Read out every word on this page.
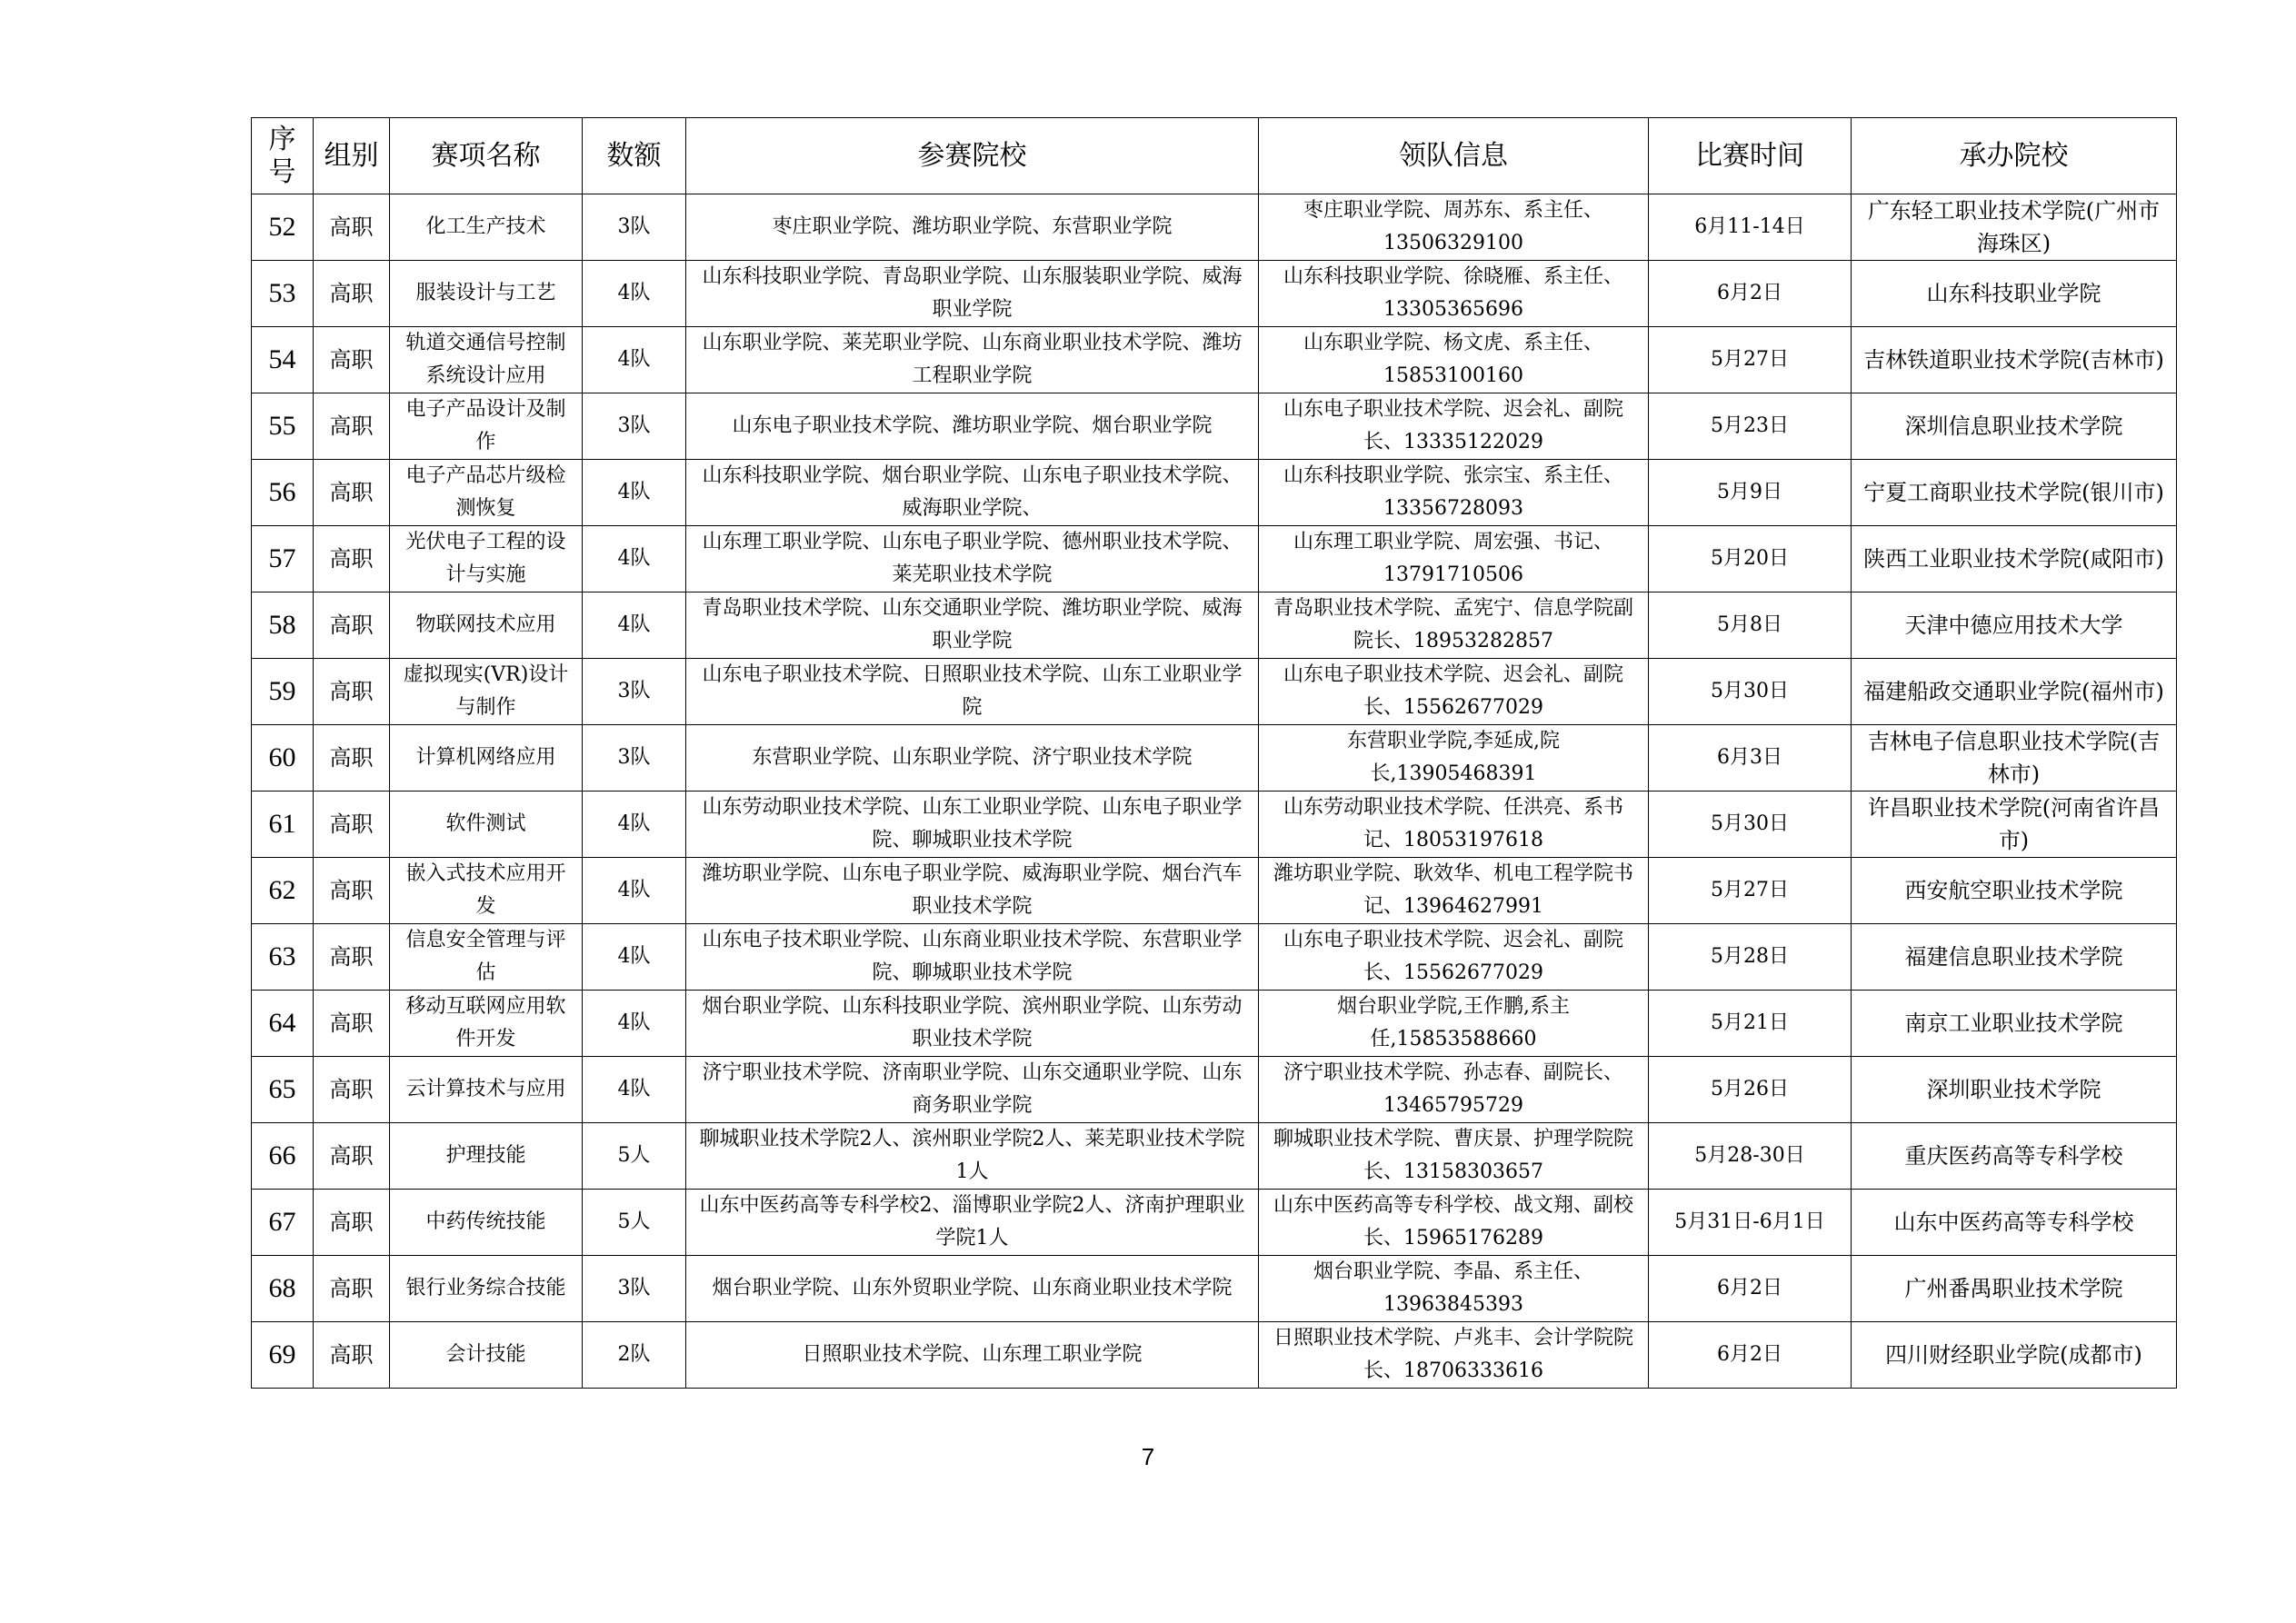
序号	组别	赛项名称	数额	参赛院校	领队信息	比赛时间	承办院校
52	高职	化工生产技术	3队	枣庄职业学院、潍坊职业学院、东营职业学院	枣庄职业学院、周苏东、系主任、13506329100	6月11-14日	广东轻工职业技术学院(广州市海珠区)
53	高职	服装设计与工艺	4队	山东科技职业学院、青岛职业学院、山东服装职业学院、威海职业学院	山东科技职业学院、徐晓雁、系主任、13305365696	6月2日	山东科技职业学院
54	高职	轨道交通信号控制系统设计应用	4队	山东职业学院、莱芜职业学院、山东商业职业技术学院、潍坊工程职业学院	山东职业学院、杨文虎、系主任、15853100160	5月27日	吉林铁道职业技术学院(吉林市)
55	高职	电子产品设计及制作	3队	山东电子职业技术学院、潍坊职业学院、烟台职业学院	山东电子职业技术学院、迟会礼、副院长、13335122029	5月23日	深圳信息职业技术学院
56	高职	电子产品芯片级检测恢复	4队	山东科技职业学院、烟台职业学院、山东电子职业技术学院、威海职业学院、	山东科技职业学院、张宗宝、系主任、13356728093	5月9日	宁夏工商职业技术学院(银川市)
57	高职	光伏电子工程的设计与实施	4队	山东理工职业学院、山东电子职业学院、德州职业技术学院、莱芜职业技术学院	山东理工职业学院、周宏强、书记、13791710506	5月20日	陕西工业职业技术学院(咸阳市)
58	高职	物联网技术应用	4队	青岛职业技术学院、山东交通职业学院、潍坊职业学院、威海职业学院	青岛职业技术学院、孟宪宁、信息学院副院长、18953282857	5月8日	天津中德应用技术大学
59	高职	虚拟现实(VR)设计与制作	3队	山东电子职业技术学院、日照职业技术学院、山东工业职业学院	山东电子职业技术学院、迟会礼、副院长、15562677029	5月30日	福建船政交通职业学院(福州市)
60	高职	计算机网络应用	3队	东营职业学院、山东职业学院、济宁职业技术学院	东营职业学院,李延成,院长,13905468391	6月3日	吉林电子信息职业技术学院(吉林市)
61	高职	软件测试	4队	山东劳动职业技术学院、山东工业职业学院、山东电子职业学院、聊城职业技术学院	山东劳动职业技术学院、任洪亮、系书记、18053197618	5月30日	许昌职业技术学院(河南省许昌市)
62	高职	嵌入式技术应用开发	4队	潍坊职业学院、山东电子职业学院、威海职业学院、烟台汽车职业技术学院	潍坊职业学院、耿效华、机电工程学院书记、13964627991	5月27日	西安航空职业技术学院
63	高职	信息安全管理与评估	4队	山东电子技术职业学院、山东商业职业技术学院、东营职业学院、聊城职业技术学院	山东电子职业技术学院、迟会礼、副院长、15562677029	5月28日	福建信息职业技术学院
64	高职	移动互联网应用软件开发	4队	烟台职业学院、山东科技职业学院、滨州职业学院、山东劳动职业技术学院	烟台职业学院,王作鹏,系主任,15853588660	5月21日	南京工业职业技术学院
65	高职	云计算技术与应用	4队	济宁职业技术学院、济南职业学院、山东交通职业学院、山东商务职业学院	济宁职业技术学院、孙志春、副院长、13465795729	5月26日	深圳职业技术学院
66	高职	护理技能	5人	聊城职业技术学院2人、滨州职业学院2人、莱芜职业技术学院1人	聊城职业技术学院、曹庆景、护理学院院长、13158303657	5月28-30日	重庆医药高等专科学校
67	高职	中药传统技能	5人	山东中医药高等专科学校2、淄博职业学院2人、济南护理职业学院1人	山东中医药高等专科学校、战文翔、副校长、15965176289	5月31日-6月1日	山东中医药高等专科学校
68	高职	银行业务综合技能	3队	烟台职业学院、山东外贸职业学院、山东商业职业技术学院	烟台职业学院、李晶、系主任、13963845393	6月2日	广州番禺职业技术学院
69	高职	会计技能	2队	日照职业技术学院、山东理工职业学院	日照职业技术学院、卢兆丰、会计学院院长、18706333616	6月2日	四川财经职业学院(成都市)
7
